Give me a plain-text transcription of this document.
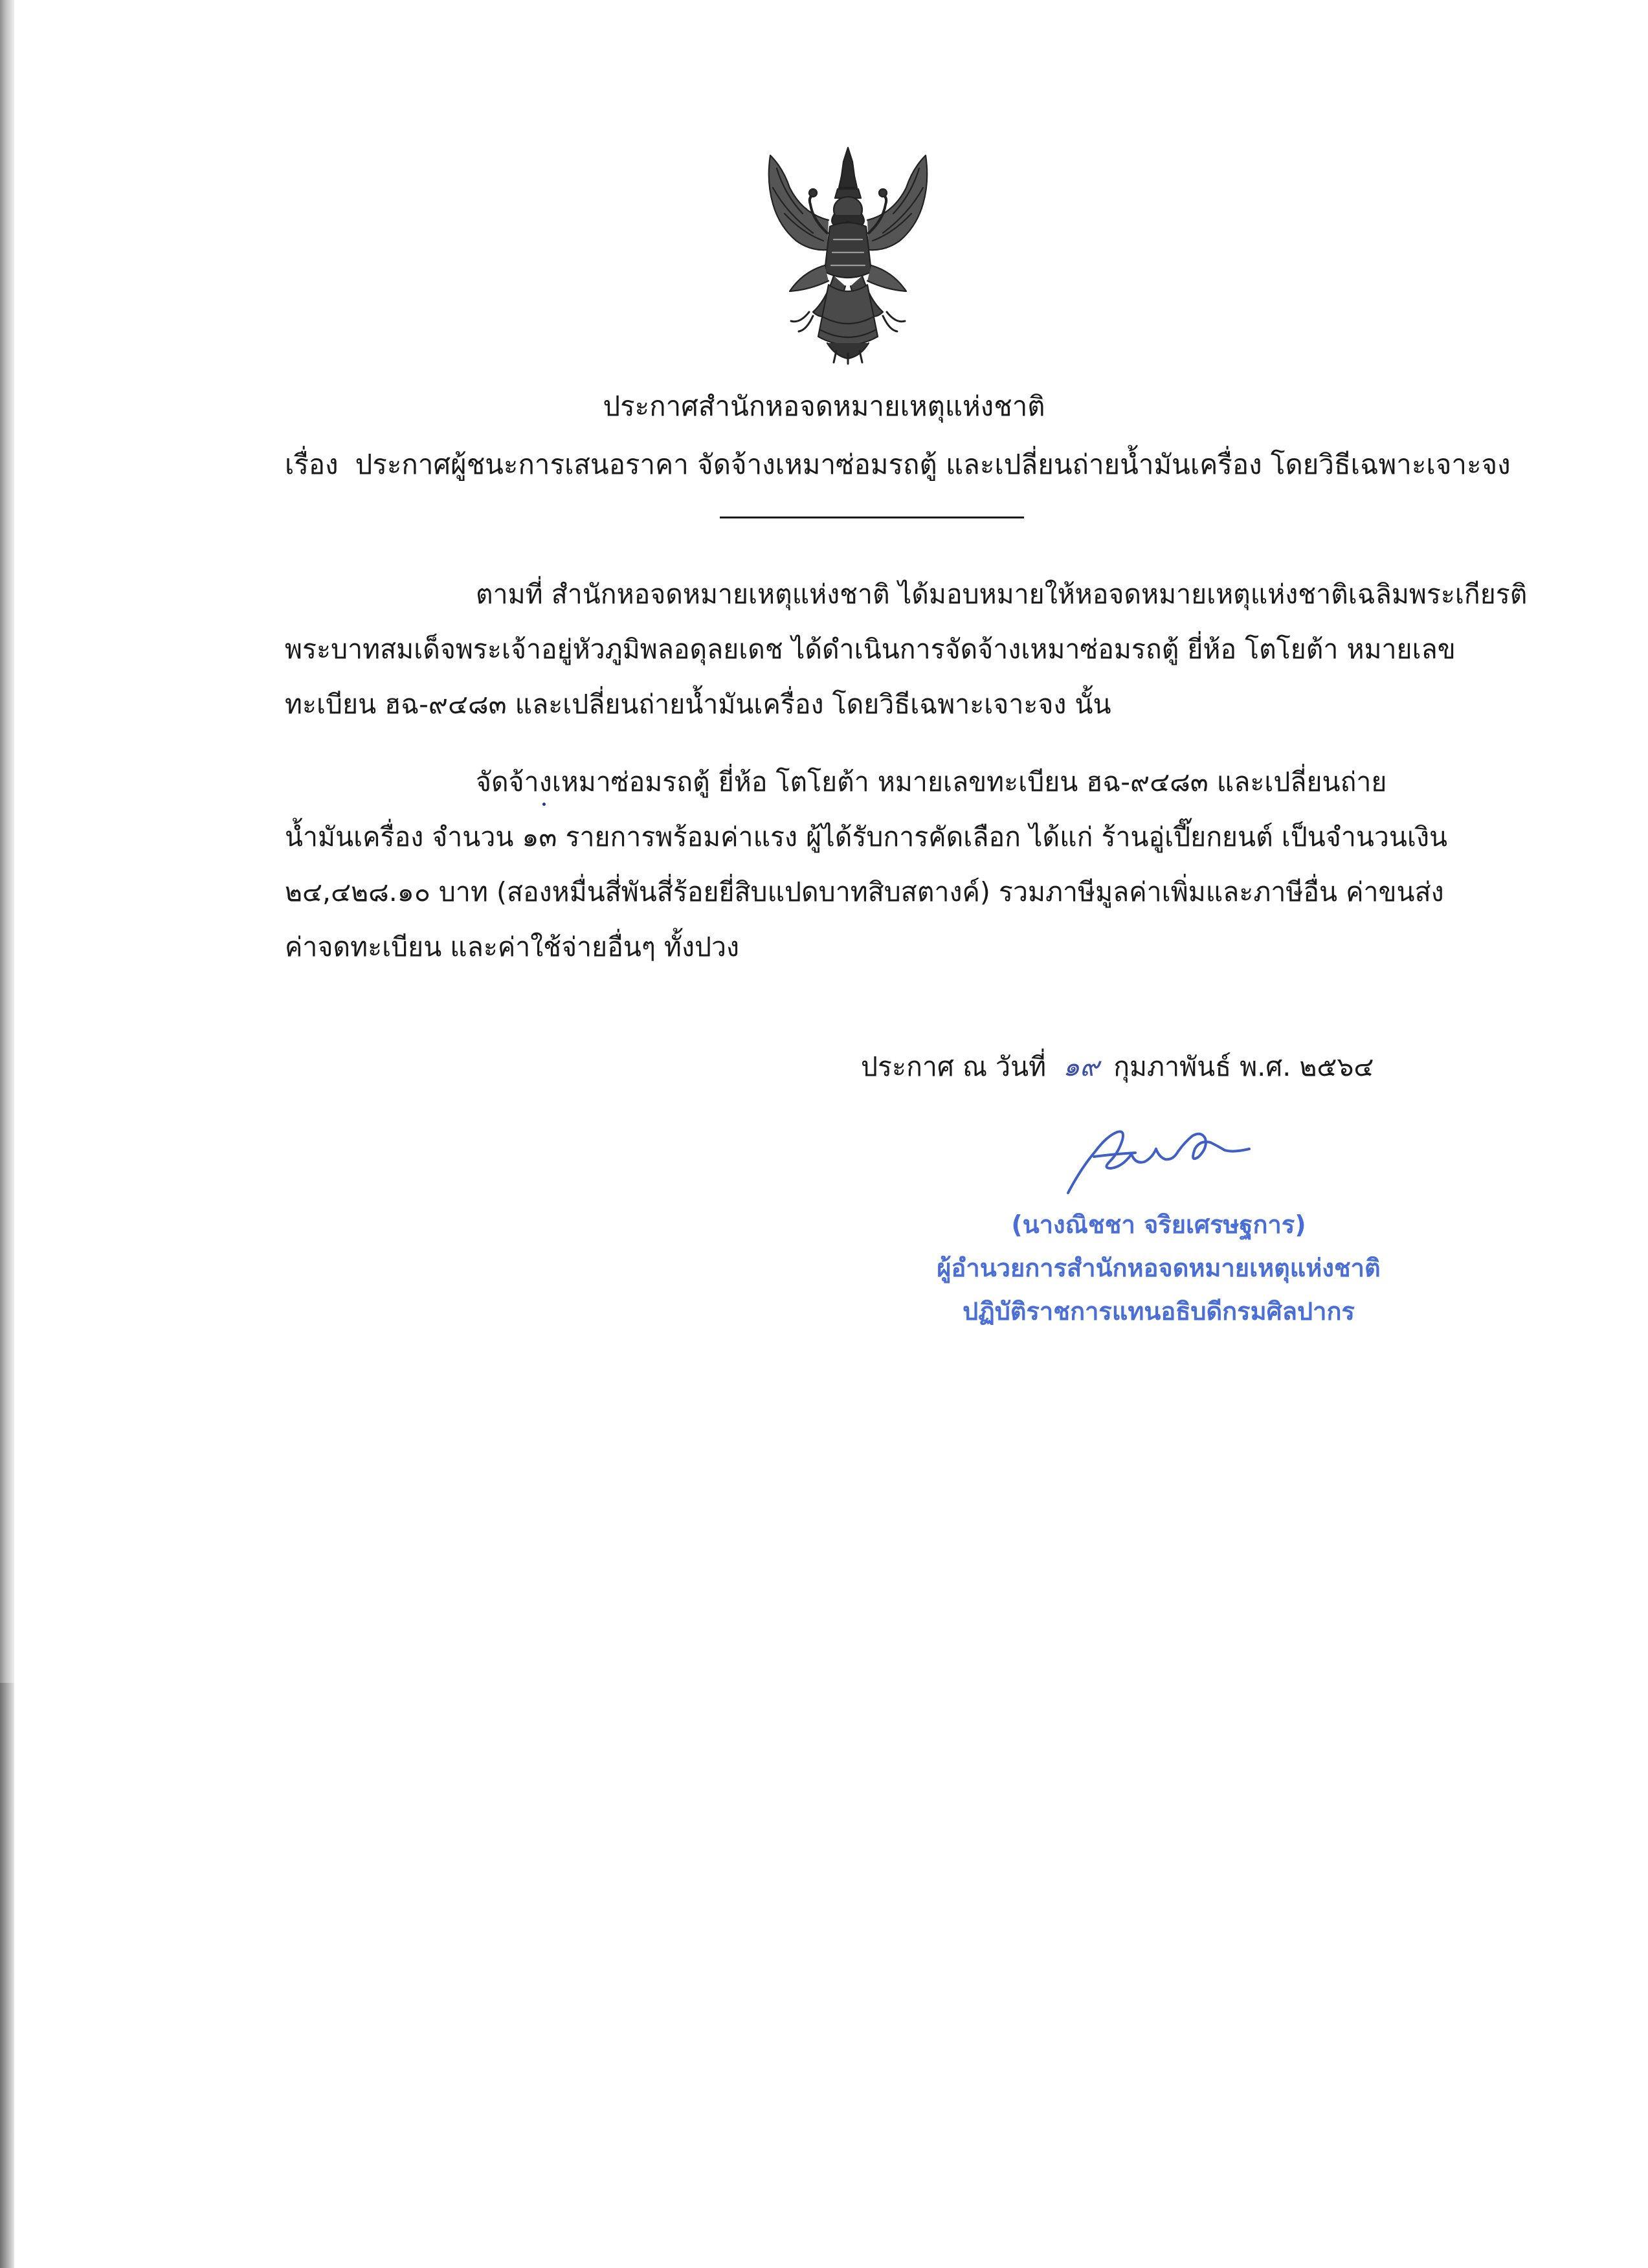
ประกาศสำนักหอจดหมายเหตุแห่งชาติ
เรื่อง ประกาศผู้ชนะการเสนอราคา จัดจ้างเหมาซ่อมรถตู้ และเปลี่ยนถ่ายน้ำมันเครื่อง โดยวิธีเฉพาะเจาะจง
ตามที่ สำนักหอจดหมายเหตุแห่งชาติ ได้มอบหมายให้หอจดหมายเหตุแห่งชาติเฉลิมพระเกียรติ
พระบาทสมเด็จพระเจ้าอยู่หัวภูมิพลอดุลยเดช ได้ดำเนินการจัดจ้างเหมาซ่อมรถตู้ ยี่ห้อ โตโยต้า หมายเลข
ทะเบียน ฮฉ-๙๔๘๓ และเปลี่ยนถ่ายน้ำมันเครื่อง โดยวิธีเฉพาะเจาะจง นั้น
จัดจ้างเหมาซ่อมรถตู้ ยี่ห้อ โตโยต้า หมายเลขทะเบียน ฮฉ-๙๔๘๓ และเปลี่ยนถ่าย
น้ำมันเครื่อง จำนวน ๑๓ รายการพร้อมค่าแรง ผู้ได้รับการคัดเลือก ได้แก่ ร้านอู่เปี๊ยกยนต์ เป็นจำนวนเงิน
๒๔,๔๒๘.๑๐ บาท (สองหมื่นสี่พันสี่ร้อยยี่สิบแปดบาทสิบสตางค์) รวมภาษีมูลค่าเพิ่มและภาษีอื่น ค่าขนส่ง
ค่าจดทะเบียน และค่าใช้จ่ายอื่นๆ ทั้งปวง
ประกาศ ณ วันที่ ๑๙ กุมภาพันธ์ พ.ศ. ๒๕๖๔
(นางณิชชา จริยเศรษฐการ)
ผู้อำนวยการสำนักหอจดหมายเหตุแห่งชาติ
ปฏิบัติราชการแทนอธิบดีกรมศิลปากร
